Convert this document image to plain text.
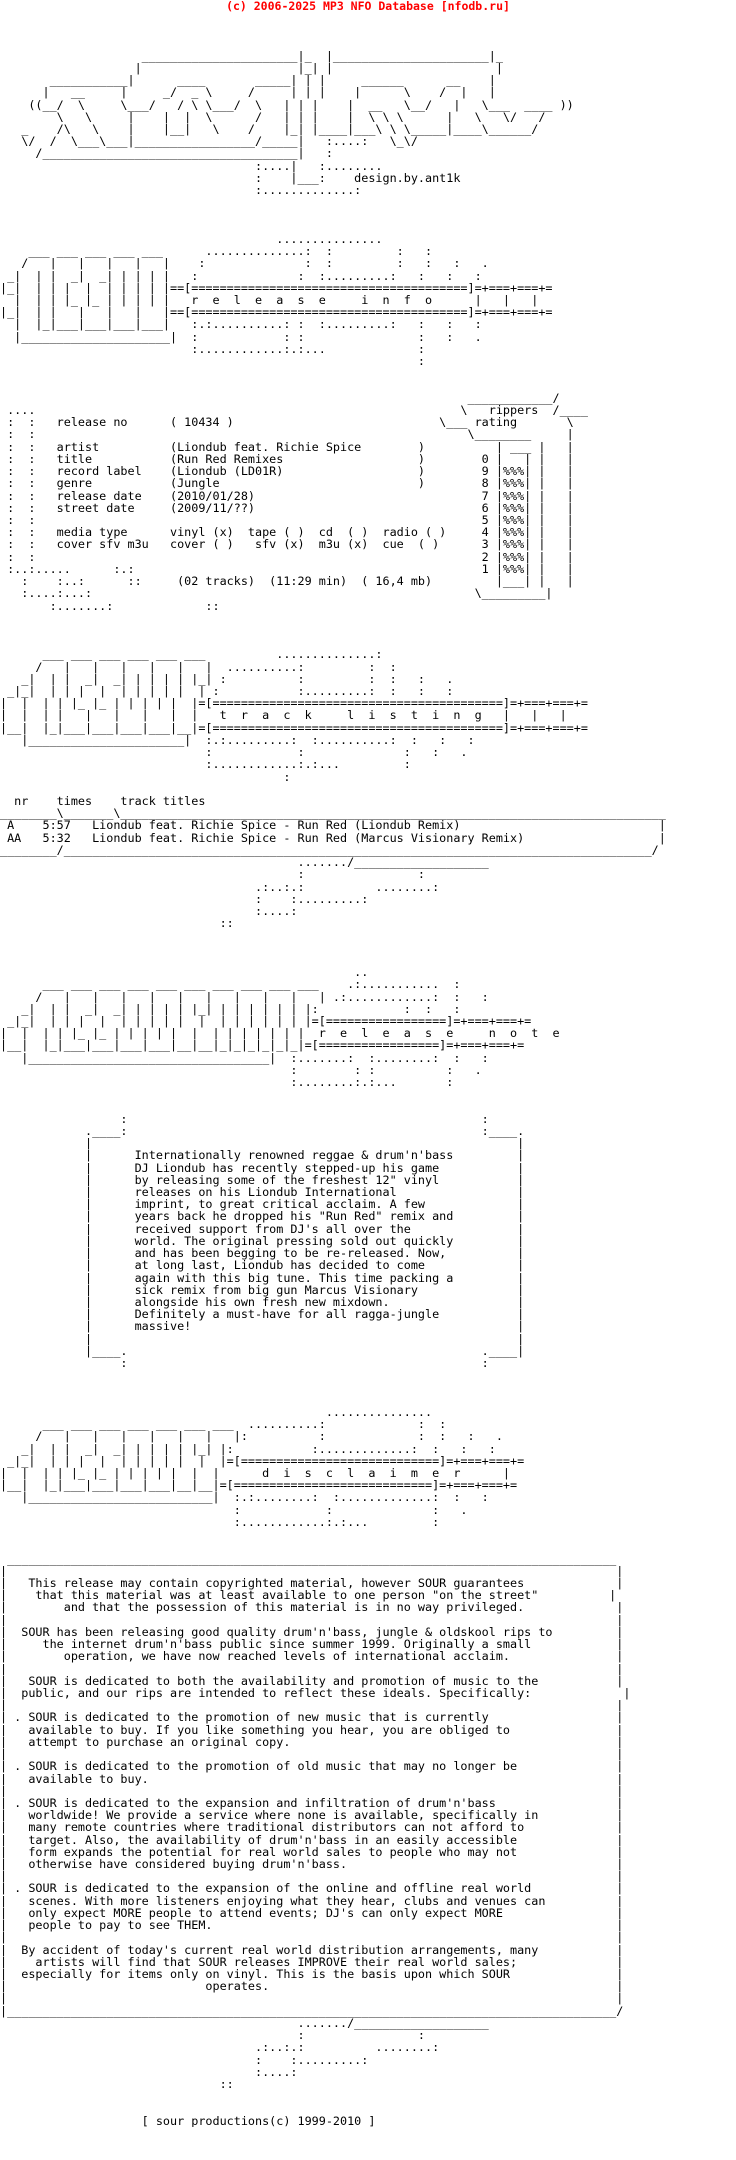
(c) 2006-2025 MP3 NFO Database [nfodb.ru]
______________________|_  |______________________|_
|                      |_| |                       |
___________|      ____       _____| | |     ______      __    |
|   __     |     _/  _ \     /     | | |    |      \    /  |   |
((__/  \     \___/   / \ \___/  \   | | |    |  __   \__/   |   \___  ____ ))
\   \     |    |  |  \      /   | | |    |  \ \ \      |   \   \/   /
_    /\   \    |    |__|   \    /    |_| |____|___\ \ \_____|____\______/
\/  /  \___\___|_________________/_____|   :....:   \_\/
/____________________________________|   :
:....|   :........
:    |___:    design.by.ant1k
:.............:
...............
___ ___ ___ ___ ___      ..............:  :         :   :
/   |   |   |   |   |    :              :  :         :   :   :   .
_|  | |  _|  _| | | | |   :              :  :.........:   :   :   :
|_|  | | |  |  | | | | |==[=======================================]=+===+===+=
|  | | |_ |_ | | | | |   r  e  l  e  a  s  e     i  n  f  o      |   |   |
|_|  | |   |   |   |   |==[=======================================]=+===+===+=
|  |_|___|___|___|___|   :.:..........: :  :.........:   :   :   :
|_____________________|  :            : :                :   :   .
:............:.:...             :
:
____________/
....                                                            \   rippers  /____
:  :   release no      ( 10434 )                             \___ rating       \
:  :                                                             \________     |
:  :   artist          (Liondub feat. Richie Spice        )          | ___ |   |
:  :   title           (Run Red Remixes                   )        0 |   | |   |
:  :   record label    (Liondub (LD01R)                   )        9 |%%%| |   |
:  :   genre           (Jungle                            )        8 |%%%| |   |
:  :   release date    (2010/01/28)                                7 |%%%| |   |
:  :   street date     (2009/11/??)                                6 |%%%| |   |
:  :                                                               5 |%%%| |   |
:  :   media type      vinyl (x)  tape ( )  cd  ( )  radio ( )     4 |%%%| |   |
:  :   cover sfv m3u   cover ( )   sfv (x)  m3u (x)  cue  ( )      3 |%%%| |   |
:  :                                                               2 |%%%| |   |
:..:.....      :.:                                                 1 |%%%| |   |
:    :..:      ::     (02 tracks)  (11:29 min)  ( 16,4 mb)         |___| |   |
:....:...:                                                      \_________|
:.......:             ::
___ ___ ___ ___ ___ ___          ..............:
/   |   |   |   |   |   |  ..........:         :  :
_|  | |  _|  _| | | | | |_| :          :         :  :   :   .
_|_|  | | |  |  | | | | |  | :           :.........:  :   :   :
|  |  | | |_ |_ | | | | |  |=[=========================================]=+===+===+=
|  |  | |   |   |   |   |  |   t  r  a  c  k     l  i  s  t  i  n  g   |   |   |
|__|  |_|___|___|___|___|__|=[=========================================]=+===+===+=
|______________________|  :.:.........:  :..........:  :   :   :
:            :              :   :   .
:............:.:...         :
:
nr    times    track titles
________\_______\_____________________________________________________________________________
A    5:57   Liondub feat. Richie Spice - Run Red (Liondub Remix)                            |
AA   5:32   Liondub feat. Richie Spice - Run Red (Marcus Visionary Remix)                   |
________/___________________________________________________________________________________/
......./___________________
:                :
.:..:.:          ........:
:    :.........:
:....:
::
..
___ ___ ___ ___ ___ ___ ___ ___ ___ ___    .:...........  :
/   |   |   |   |   |   |   |   |   |   | .:............:  :   :
_|  | |  _|  _| | | | | |_| | | | | | | |:            :  :   :
_|_|  | | |  |  | | | | |  |  | | | | | | |=[=================]=+===+===+=
|  |  | | |_ |_ | | | | |  |  | | | | | | |  r  e  l  e  a  s  e     n  o  t  e
|__|  |_|___|___|___|___|__|__|_|_|_|_|_|_|=[=================]=+===+===+=
|__________________________________|  :.......:  :........:  :   :
:        : :          :   .
:........:.:...       :
:                                                  :
.____:                                                  :____.
|                                                            |
|      Internationally renowned reggae & drum'n'bass         |
|      DJ Liondub has recently stepped-up his game           |
|      by releasing some of the freshest 12" vinyl           |
|      releases on his Liondub International                 |
|      imprint, to great critical acclaim. A few             |
|      years back he dropped his "Run Red" remix and         |
|      received support from DJ's all over the               |
|      world. The original pressing sold out quickly         |
|      and has been begging to be re-released. Now,          |
|      at long last, Liondub has decided to come             |
|      again with this big tune. This time packing a         |
|      sick remix from big gun Marcus Visionary              |
|      alongside his own fresh new mixdown.                  |
|      Definitely a must-have for all ragga-jungle           |
|      massive!                                              |
|                                                            |
|____.                                                  .____|
:                                                  :
...............
___ ___ ___ ___ ___ ___ ___  ..........:             :  :
/   |   |   |   |   |   |   |:          :             :  :   :   .
_|  | |  _|  _| | | | | |_| |:           :.............:  :   :   :
_|_|  | | |  |  | | | | |  |  |=[============================]=+===+===+=
|  |  | | |_ |_ | | | | |  |  |      d  i  s  c  l  a  i  m  e  r      |
|__|  |_|___|___|___|___|__|__|=[============================]=+===+===+=
|__________________________|  :.:........:  :.............:  :   :
:            :              :   .
:............:.:...         :
______________________________________________________________________________________
|                                                                                      |
|   This release may contain copyrighted material, however SOUR guarantees             |
|    that this material was at least available to one person "on the street"          |
|        and that the possession of this material is in no way privileged.             |
|                                                                                      |
|  SOUR has been releasing good quality drum'n'bass, jungle & oldskool rips to         |
|     the internet drum'n'bass public since summer 1999. Originally a small            |
|        operation, we have now reached levels of international acclaim.               |
|                                                                                      |
|   SOUR is dedicated to both the availability and promotion of music to the           |
|  public, and our rips are intended to reflect these ideals. Specifically:             |
|                                                                                      |
| . SOUR is dedicated to the promotion of new music that is currently                  |
|   available to buy. If you like something you hear, you are obliged to               |
|   attempt to purchase an original copy.                                              |
|                                                                                      |
| . SOUR is dedicated to the promotion of old music that may no longer be              |
|   available to buy.                                                                  |
|                                                                                      |
| . SOUR is dedicated to the expansion and infiltration of drum'n'bass                 |
|   worldwide! We provide a service where none is available, specifically in           |
|   many remote countries where traditional distributors can not afford to             |
|   target. Also, the availability of drum'n'bass in an easily accessible              |
|   form expands the potential for real world sales to people who may not              |
|   otherwise have considered buying drum'n'bass.                                      |
|                                                                                      |
| . SOUR is dedicated to the expansion of the online and offline real world            |
|   scenes. With more listeners enjoying what they hear, clubs and venues can          |
|   only expect MORE people to attend events; DJ's can only expect MORE                |
|   people to pay to see THEM.                                                         |
|                                                                                      |
|  By accident of today's current real world distribution arrangements, many           |
|    artists will find that SOUR releases IMPROVE their real world sales;              |
|  especially for items only on vinyl. This is the basis upon which SOUR               |
|                            operates.                                                 |
|                                                                                      |
|______________________________________________________________________________________/
......./___________________
:                :
.:..:.:          ........:
:    :.........:
:....:
::
[ sour productions(c) 1999-2010 ]
